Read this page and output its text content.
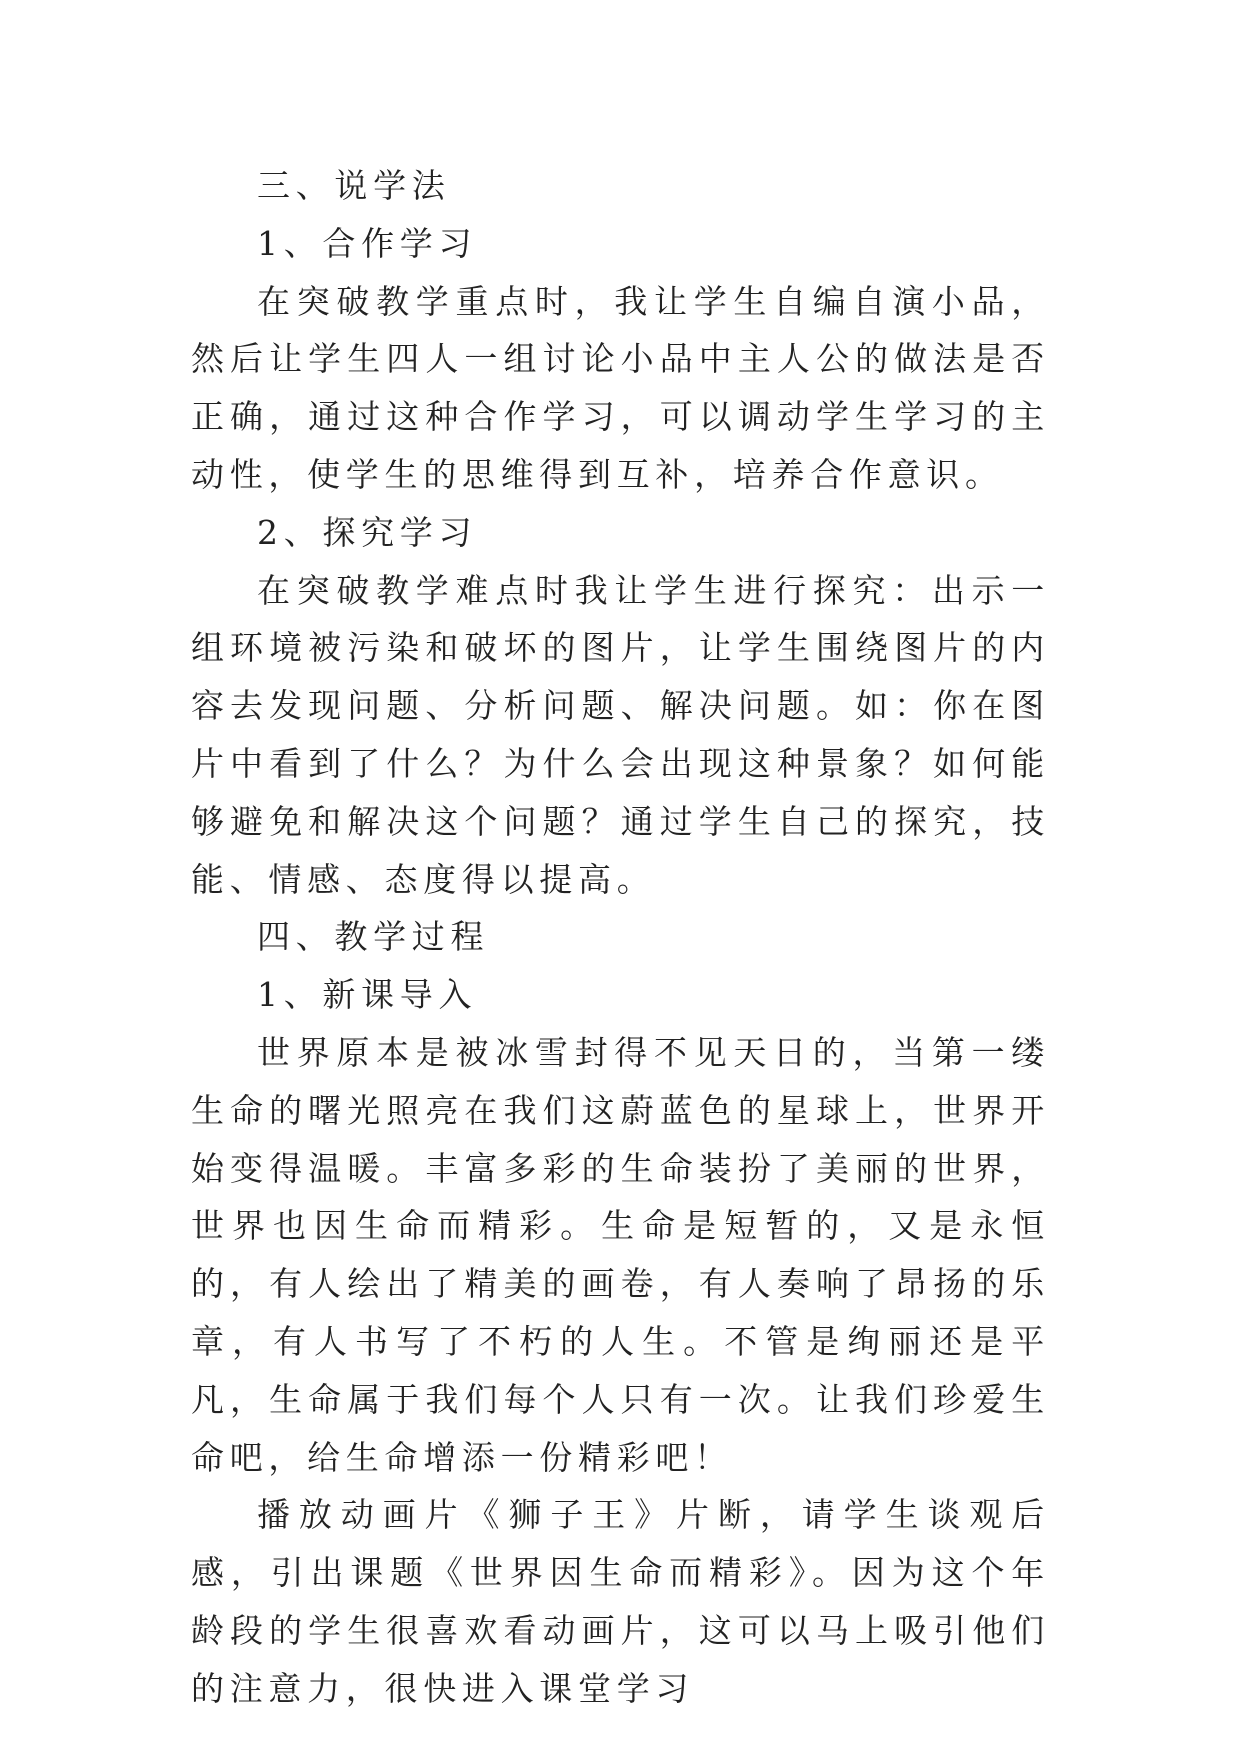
三、说学法

1、合作学习

在突破教学重点时，我让学生自编自演小品，然后让学生四人一组讨论小品中主人公的做法是否正确，通过这种合作学习，可以调动学生学习的主动性，使学生的思维得到互补，培养合作意识。

2、探究学习

在突破教学难点时我让学生进行探究：出示一组环境被污染和破坏的图片，让学生围绕图片的内容去发现问题、分析问题、解决问题。如：你在图片中看到了什么？为什么会出现这种景象？如何能够避免和解决这个问题？通过学生自己的探究，技能、情感、态度得以提高。

四、教学过程

1、新课导入

世界原本是被冰雪封得不见天日的，当第一缕生命的曙光照亮在我们这蔚蓝色的星球上，世界开始变得温暖。丰富多彩的生命装扮了美丽的世界，世界也因生命而精彩。生命是短暂的，又是永恒的，有人绘出了精美的画卷，有人奏响了昂扬的乐章，有人书写了不朽的人生。不管是绚丽还是平凡，生命属于我们每个人只有一次。让我们珍爱生命吧，给生命增添一份精彩吧！

播放动画片《狮子王》片断，请学生谈观后感，引出课题《世界因生命而精彩》。因为这个年龄段的学生很喜欢看动画片，这可以马上吸引他们的注意力，很快进入课堂学习
